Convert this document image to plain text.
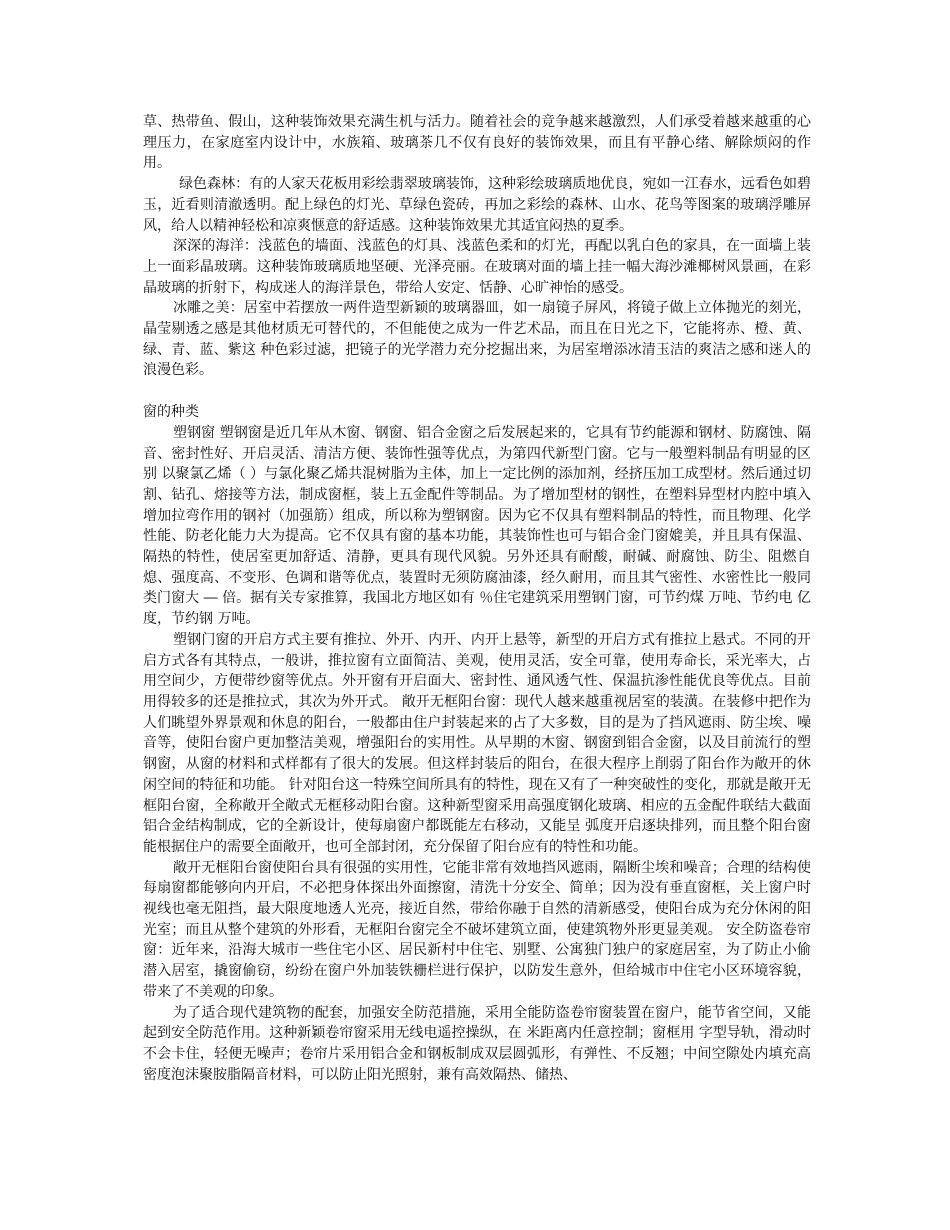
草、热带鱼、假山，这种装饰效果充满生机与活力。随着社会的竞争越来越激烈，人们承受着越来越重的心理压力，在家庭室内设计中，水族箱、玻璃茶几不仅有良好的装饰效果，而且有平静心绪、解除烦闷的作用。

绿色森林：有的人家天花板用彩绘翡翠玻璃装饰，这种彩绘玻璃质地优良，宛如一江春水，远看色如碧玉，近看则清澈透明。配上绿色的灯光、草绿色瓷砖，再加之彩绘的森林、山水、花鸟等图案的玻璃浮雕屏风，给人以精神轻松和凉爽惬意的舒适感。这种装饰效果尤其适宜闷热的夏季。

深深的海洋：浅蓝色的墙面、浅蓝色的灯具、浅蓝色柔和的灯光，再配以乳白色的家具，在一面墙上装上一面彩晶玻璃。这种装饰玻璃质地坚硬、光泽亮丽。在玻璃对面的墙上挂一幅大海沙滩椰树风景画，在彩晶玻璃的折射下，构成迷人的海洋景色，带给人安定、恬静、心旷神怡的感受。

冰雕之美：居室中若摆放一两件造型新颖的玻璃器皿，如一扇镜子屏风，将镜子做上立体抛光的刻光，晶莹剔透之感是其他材质无可替代的，不但能使之成为一件艺术品，而且在日光之下，它能将赤、橙、黄、绿、青、蓝、紫这 种色彩过滤，把镜子的光学潜力充分挖掘出来，为居室增添冰清玉洁的爽洁之感和迷人的浪漫色彩。

窗的种类

塑钢窗 塑钢窗是近几年从木窗、钢窗、铝合金窗之后发展起来的，它具有节约能源和钢材、防腐蚀、隔音、密封性好、开启灵活、清洁方便、装饰性强等优点，为第四代新型门窗。它与一般塑料制品有明显的区别 以聚氯乙烯（ ）与氯化聚乙烯共混树脂为主体，加上一定比例的添加剂，经挤压加工成型材。然后通过切割、钻孔、熔接等方法，制成窗框，装上五金配件等制品。为了增加型材的钢性，在塑料异型材内腔中填入增加拉弯作用的钢衬（加强筋）组成，所以称为塑钢窗。因为它不仅具有塑料制品的特性，而且物理、化学性能、防老化能力大为提高。它不仅具有窗的基本功能，其装饰性也可与铝合金门窗媲美，并且具有保温、隔热的特性，使居室更加舒适、清静，更具有现代风貌。另外还具有耐酸，耐碱、耐腐蚀、防尘、阻燃自熄、强度高、不变形、色调和谐等优点，装置时无须防腐油漆，经久耐用，而且其气密性、水密性比一般同类门窗大 ― 倍。据有关专家推算，我国北方地区如有 ％住宅建筑采用塑钢门窗，可节约煤 万吨、节约电 亿度，节约钢 万吨。

塑钢门窗的开启方式主要有推拉、外开、内开、内开上悬等，新型的开启方式有推拉上悬式。不同的开启方式各有其特点，一般讲，推拉窗有立面简洁、美观，使用灵活，安全可靠，使用寿命长，采光率大，占用空间少，方便带纱窗等优点。外开窗有开启面大、密封性、通风透气性、保温抗渗性能优良等优点。目前用得较多的还是推拉式，其次为外开式。 敞开无框阳台窗：现代人越来越重视居室的装潢。在装修中把作为人们眺望外界景观和休息的阳台，一般都由住户封装起来的占了大多数，目的是为了挡风遮雨、防尘埃、噪音等，使阳台窗户更加整洁美观，增强阳台的实用性。从早期的木窗、钢窗到铝合金窗，以及目前流行的塑钢窗，从窗的材料和式样都有了很大的发展。但这样封装后的阳台，在很大程序上削弱了阳台作为敞开的休闲空间的特征和功能。 针对阳台这一特殊空间所具有的特性，现在又有了一种突破性的变化，那就是敞开无框阳台窗，全称敞开全敞式无框移动阳台窗。这种新型窗采用高强度钢化玻璃、相应的五金配件联结大截面铝合金结构制成，它的全新设计，使每扇窗户都既能左右移动，又能呈 弧度开启逐块排列，而且整个阳台窗能根据住户的需要全面敞开，也可全部封闭，充分保留了阳台应有的特性和功能。

敞开无框阳台窗使阳台具有很强的实用性，它能非常有效地挡风遮雨，隔断尘埃和噪音；合理的结构使每扇窗都能够向内开启，不必把身体探出外面擦窗，清洗十分安全、简单；因为没有垂直窗框，关上窗户时视线也毫无阻挡，最大限度地透人光亮，接近自然，带给你融于自然的清新感受，使阳台成为充分休闲的阳光室；而且从整个建筑的外形看，无框阳台窗完全不破坏建筑立面，使建筑物外形更显美观。 安全防盗卷帘窗：近年来，沿海大城市一些住宅小区、居民新村中住宅、别墅、公寓独门独户的家庭居室，为了防止小偷潜入居室，撬窗偷窃，纷纷在窗户外加装铁栅栏进行保护，以防发生意外，但给城市中住宅小区环境容貌，带来了不美观的印象。

为了适合现代建筑物的配套，加强安全防范措施，采用全能防盗卷帘窗装置在窗户，能节省空间，又能起到安全防范作用。这种新颖卷帘窗采用无线电遥控操纵，在 米距离内任意控制；窗框用 字型导轨，滑动时不会卡住，轻便无噪声；卷帘片采用铝合金和钢板制成双层圆弧形，有弹性、不反翘；中间空隙处内填充高密度泡沫聚胺脂隔音材料，可以防止阳光照射，兼有高效隔热、储热、
